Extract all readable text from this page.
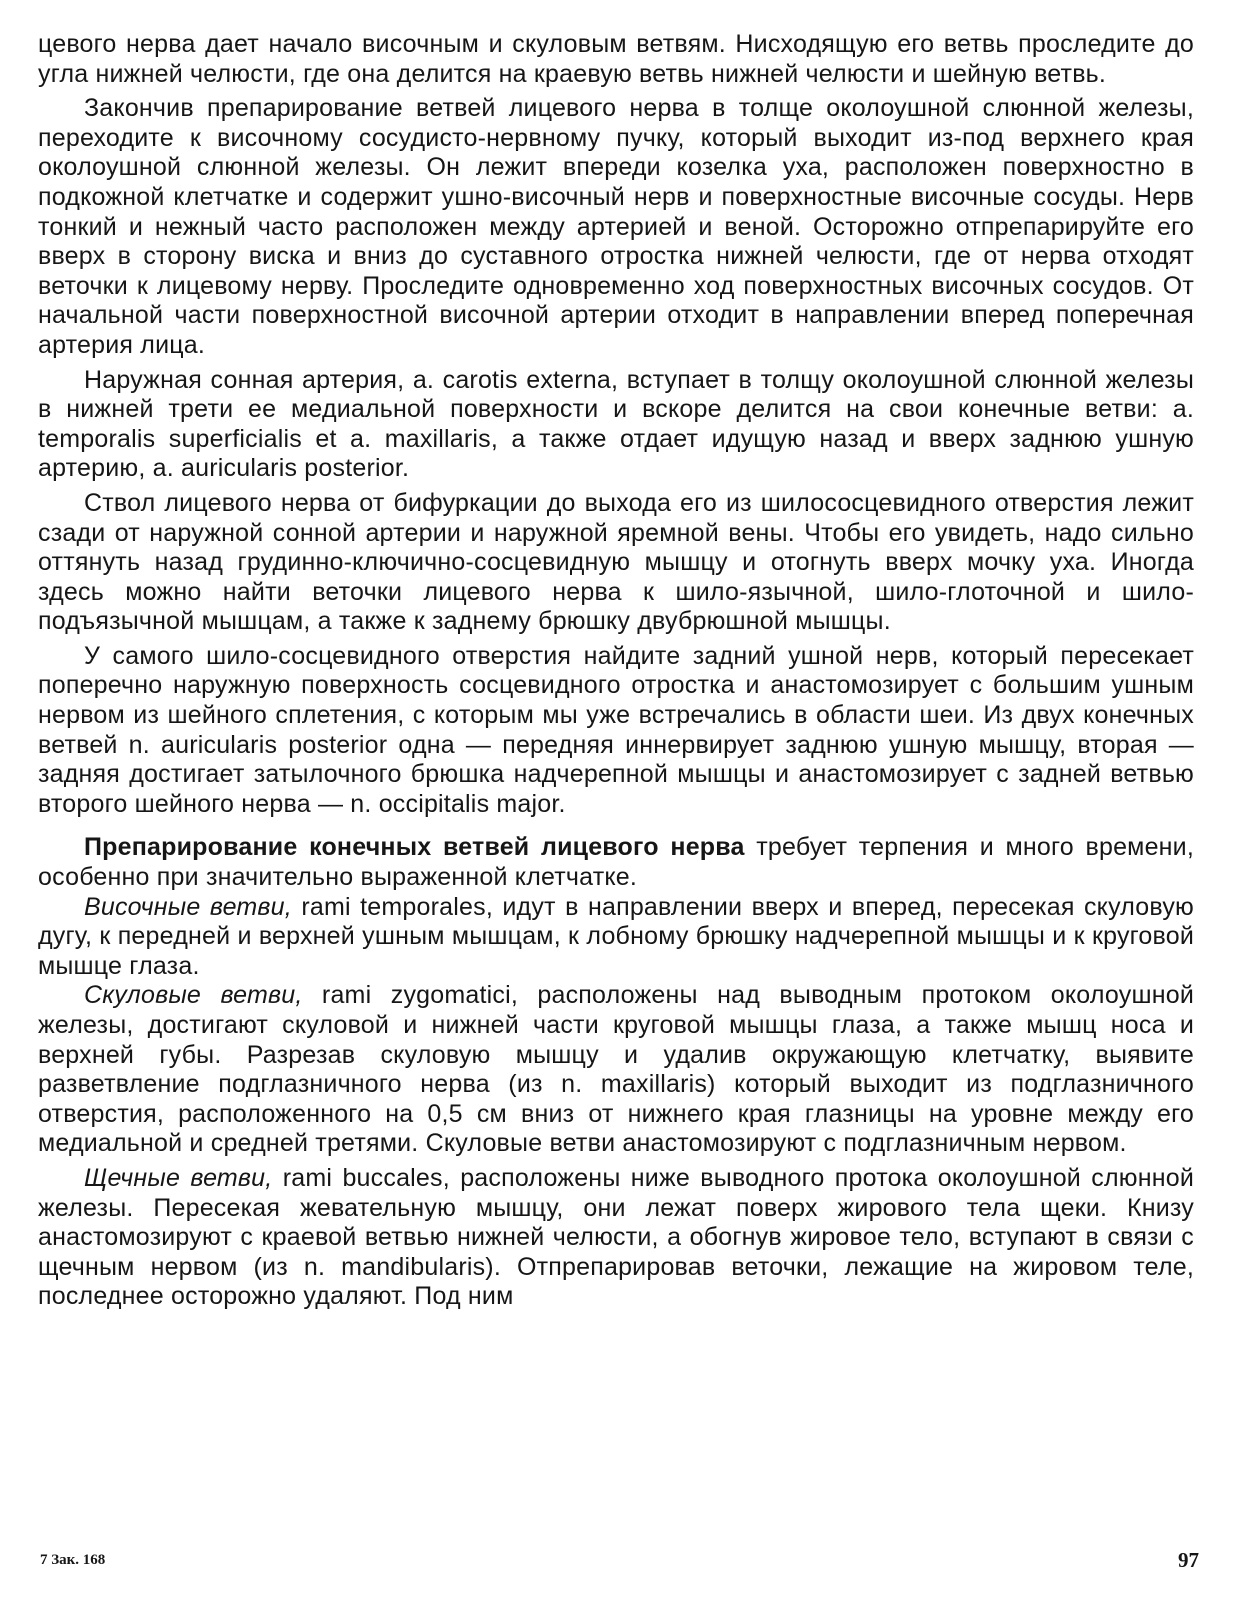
цевого нерва дает начало височным и скуловым ветвям. Нисходящую его ветвь проследите до угла нижней челюсти, где она делится на краевую ветвь нижней челюсти и шейную ветвь.

Закончив препарирование ветвей лицевого нерва в толще околоушной слюнной железы, переходите к височному сосудисто-нервному пучку, который выходит из-под верхнего края околоушной слюнной железы. Он лежит впереди козелка уха, расположен поверхностно в подкожной клетчатке и содержит ушно-височный нерв и поверхностные височные сосуды. Нерв тонкий и нежный часто расположен между артерией и веной. Осторожно отпрепарируйте его вверх в сторону виска и вниз до суставного отростка нижней челюсти, где от нерва отходят веточки к лицевому нерву. Проследите одновременно ход поверхностных височных сосудов. От начальной части поверхностной височной артерии отходит в направлении вперед поперечная артерия лица.

Наружная сонная артерия, a. carotis externa, вступает в толщу околоушной слюнной железы в нижней трети ее медиальной поверхности и вскоре делится на свои конечные ветви: a. temporalis superficialis et a. maxillaris, а также отдает идущую назад и вверх заднюю ушную артерию, a. auricularis posterior.

Ствол лицевого нерва от бифуркации до выхода его из шилососцевидного отверстия лежит сзади от наружной сонной артерии и наружной яремной вены. Чтобы его увидеть, надо сильно оттянуть назад грудинно-ключично-сосцевидную мышцу и отогнуть вверх мочку уха. Иногда здесь можно найти веточки лицевого нерва к шило-язычной, шило-глоточной и шило-подъязычной мышцам, а также к заднему брюшку двубрюшной мышцы.

У самого шило-сосцевидного отверстия найдите задний ушной нерв, который пересекает поперечно наружную поверхность сосцевидного отростка и анастомозирует с большим ушным нервом из шейного сплетения, с которым мы уже встречались в области шеи. Из двух конечных ветвей n. auricularis posterior одна — передняя иннервирует заднюю ушную мышцу, вторая — задняя достигает затылочного брюшка надчерепной мышцы и анастомозирует с задней ветвью второго шейного нерва — n. occipitalis major.

Препарирование конечных ветвей лицевого нерва требует терпения и много времени, особенно при значительно выраженной клетчатке.

Височные ветви, rami temporales, идут в направлении вверх и вперед, пересекая скуловую дугу, к передней и верхней ушным мышцам, к лобному брюшку надчерепной мышцы и к круговой мышце глаза.

Скуловые ветви, rami zygomatici, расположены над выводным протоком околоушной железы, достигают скуловой и нижней части круговой мышцы глаза, а также мышц носа и верхней губы. Разрезав скуловую мышцу и удалив окружающую клетчатку, выявите разветвление подглазничного нерва (из n. maxillaris) который выходит из подглазничного отверстия, расположенного на 0,5 см вниз от нижнего края глазницы на уровне между его медиальной и средней третями. Скуловые ветви анастомозируют с подглазничным нервом.

Щечные ветви, rami buccales, расположены ниже выводного протока околоушной слюнной железы. Пересекая жевательную мышцу, они лежат поверх жирового тела щеки. Книзу анастомозируют с краевой ветвью нижней челюсти, а обогнув жировое тело, вступают в связи с щечным нервом (из n. mandibularis). Отпрепарировав веточки, лежащие на жировом теле, последнее осторожно удаляют. Под ним

7 Зак. 168	97
